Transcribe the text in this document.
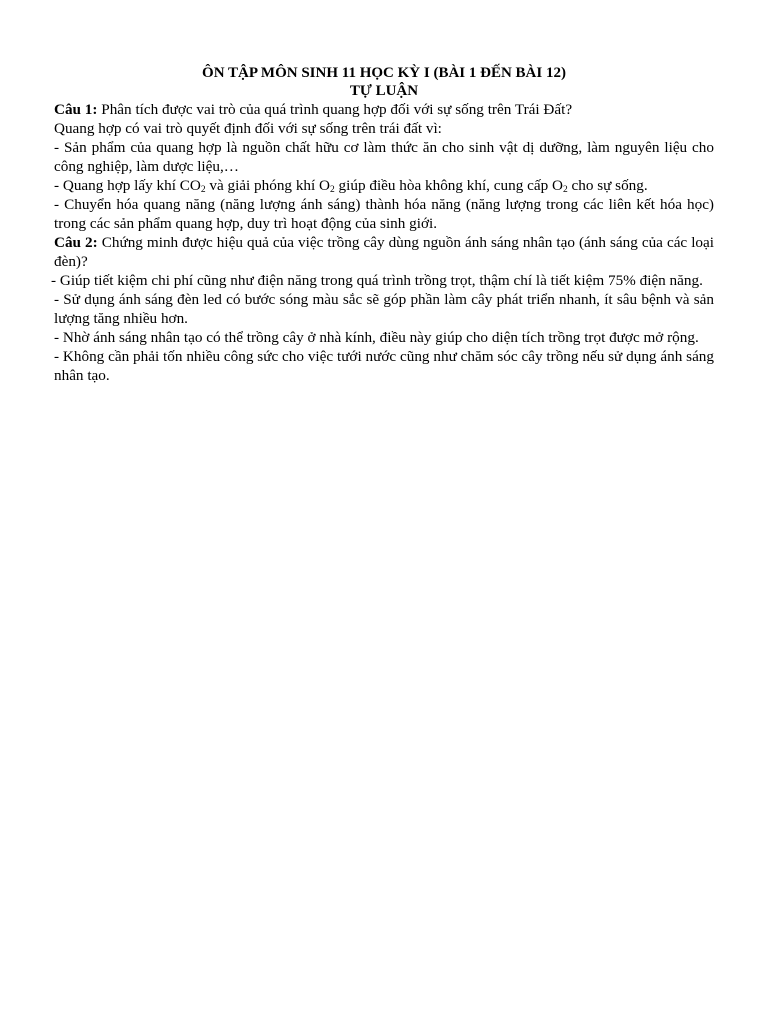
ÔN TẬP MÔN SINH 11 HỌC KỲ I (BÀI 1 ĐẾN BÀI 12)
TỰ LUẬN

Câu 1: Phân tích được vai trò của quá trình quang hợp đối với sự sống trên Trái Đất?

Quang hợp có vai trò quyết định đối với sự sống trên trái đất vì:

- Sản phẩm của quang hợp là nguồn chất hữu cơ làm thức ăn cho sinh vật dị dưỡng, làm nguyên liệu cho công nghiệp, làm dược liệu,…

- Quang hợp lấy khí $CO_2$ và giải phóng khí $O_2$ giúp điều hòa không khí, cung cấp $O_2$ cho sự sống.

- Chuyển hóa quang năng (năng lượng ánh sáng) thành hóa năng (năng lượng trong các liên kết hóa học) trong các sản phẩm quang hợp, duy trì hoạt động của sinh giới.

Câu 2: Chứng minh được hiệu quả của việc trồng cây dùng nguồn ánh sáng nhân tạo (ánh sáng của các loại đèn)?

- Giúp tiết kiệm chi phí cũng như điện năng trong quá trình trồng trọt, thậm chí là tiết kiệm 75% điện năng.

- Sử dụng ánh sáng đèn led có bước sóng màu sắc sẽ góp phần làm cây phát triển nhanh, ít sâu bệnh và sản lượng tăng nhiều hơn.

- Nhờ ánh sáng nhân tạo có thể trồng cây ở nhà kính, điều này giúp cho diện tích trồng trọt được mở rộng.

- Không cần phải tốn nhiều công sức cho việc tưới nước cũng như chăm sóc cây trồng nếu sử dụng ánh sáng nhân tạo.
